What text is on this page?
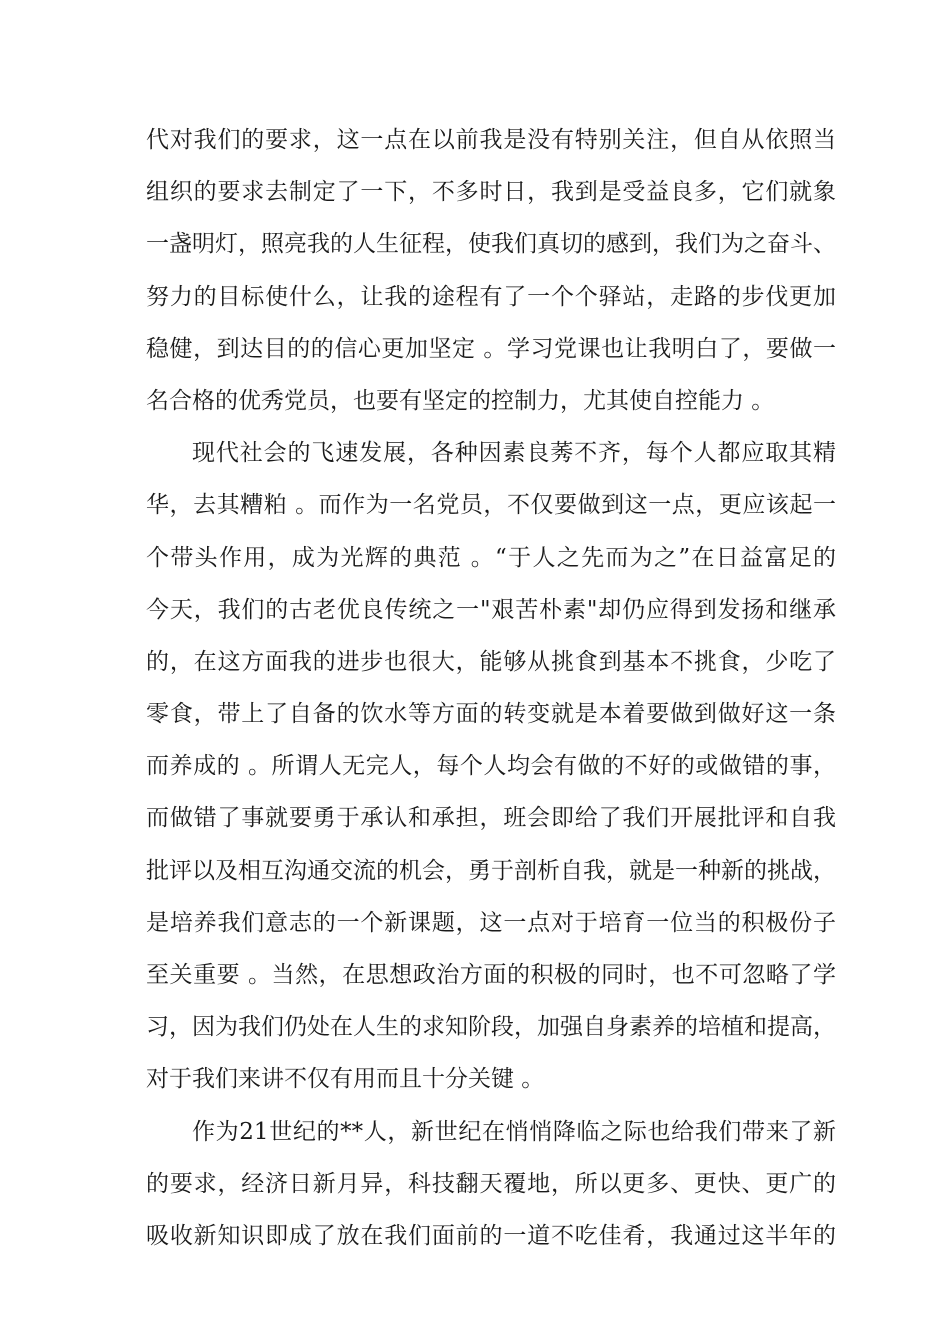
代对我们的要求，这一点在以前我是没有特别关注，但自从依照当
组织的要求去制定了一下，不多时日，我到是受益良多，它们就象
一盏明灯，照亮我的人生征程，使我们真切的感到，我们为之奋斗、
努力的目标使什么，让我的途程有了一个个驿站，走路的步伐更加
稳健，到达目的的信心更加坚定 。学习党课也让我明白了，要做一
名合格的优秀党员，也要有坚定的控制力，尤其使自控能力 。
现代社会的飞速发展，各种因素良莠不齐，每个人都应取其精
华，去其糟粕 。而作为一名党员，不仅要做到这一点，更应该起一
个带头作用，成为光辉的典范 。“于人之先而为之”在日益富足的
今天，我们的古老优良传统之一"艰苦朴素"却仍应得到发扬和继承
的，在这方面我的进步也很大，能够从挑食到基本不挑食，少吃了
零食，带上了自备的饮水等方面的转变就是本着要做到做好这一条
而养成的 。所谓人无完人，每个人均会有做的不好的或做错的事，
而做错了事就要勇于承认和承担，班会即给了我们开展批评和自我
批评以及相互沟通交流的机会，勇于剖析自我，就是一种新的挑战，
是培养我们意志的一个新课题，这一点对于培育一位当的积极份子
至关重要 。当然，在思想政治方面的积极的同时，也不可忽略了学
习，因为我们仍处在人生的求知阶段，加强自身素养的培植和提高，
对于我们来讲不仅有用而且十分关键 。
作为21世纪的**人，新世纪在悄悄降临之际也给我们带来了新
的要求，经济日新月异，科技翻天覆地，所以更多、更快、更广的
吸收新知识即成了放在我们面前的一道不吃佳肴，我通过这半年的
